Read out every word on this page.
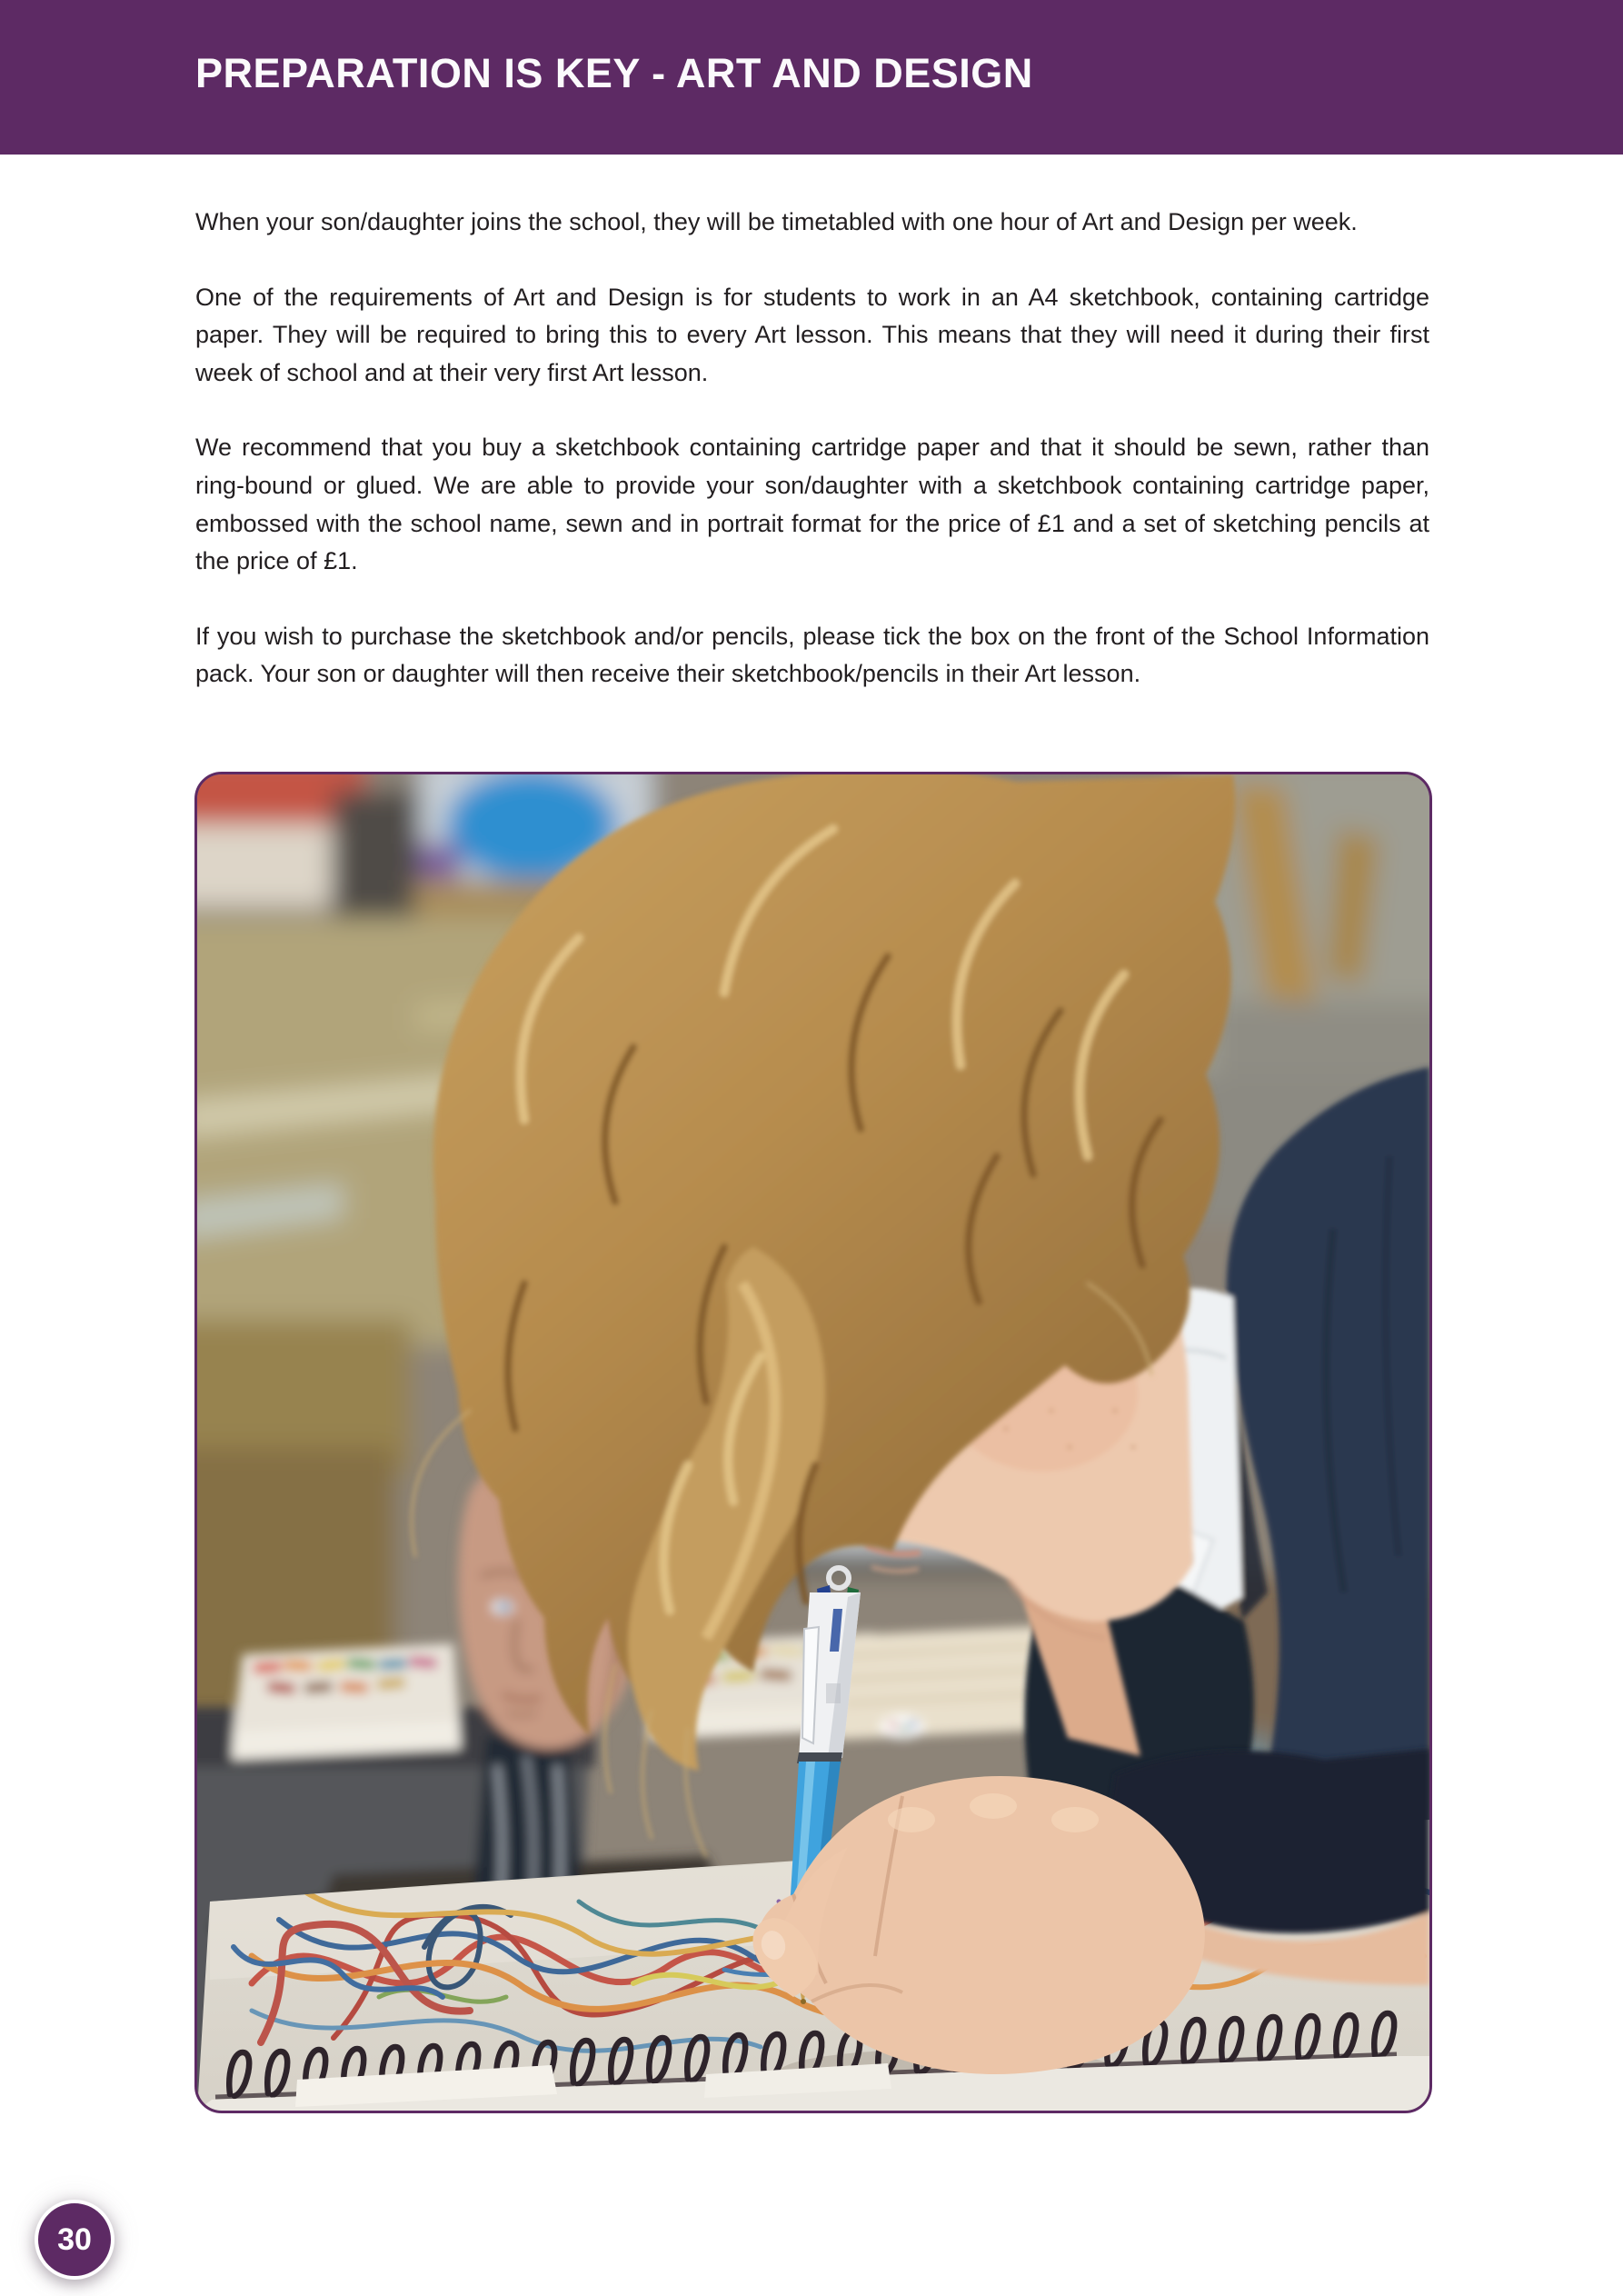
PREPARATION IS KEY - ART AND DESIGN

When your son/daughter joins the school, they will be timetabled with one hour of Art and Design per week.

One of the requirements of Art and Design is for students to work in an A4 sketchbook, containing cartridge paper. They will be required to bring this to every Art lesson. This means that they will need it during their first week of school and at their very first Art lesson.

We recommend that you buy a sketchbook containing cartridge paper and that it should be sewn, rather than ring-bound or glued. We are able to provide your son/daughter with a sketchbook containing cartridge paper, embossed with the school name, sewn and in portrait format for the price of £1 and a set of sketching pencils at the price of £1.

If you wish to purchase the sketchbook and/or pencils, please tick the box on the front of the School Information pack. Your son or daughter will then receive their sketchbook/pencils in their Art lesson.

30
